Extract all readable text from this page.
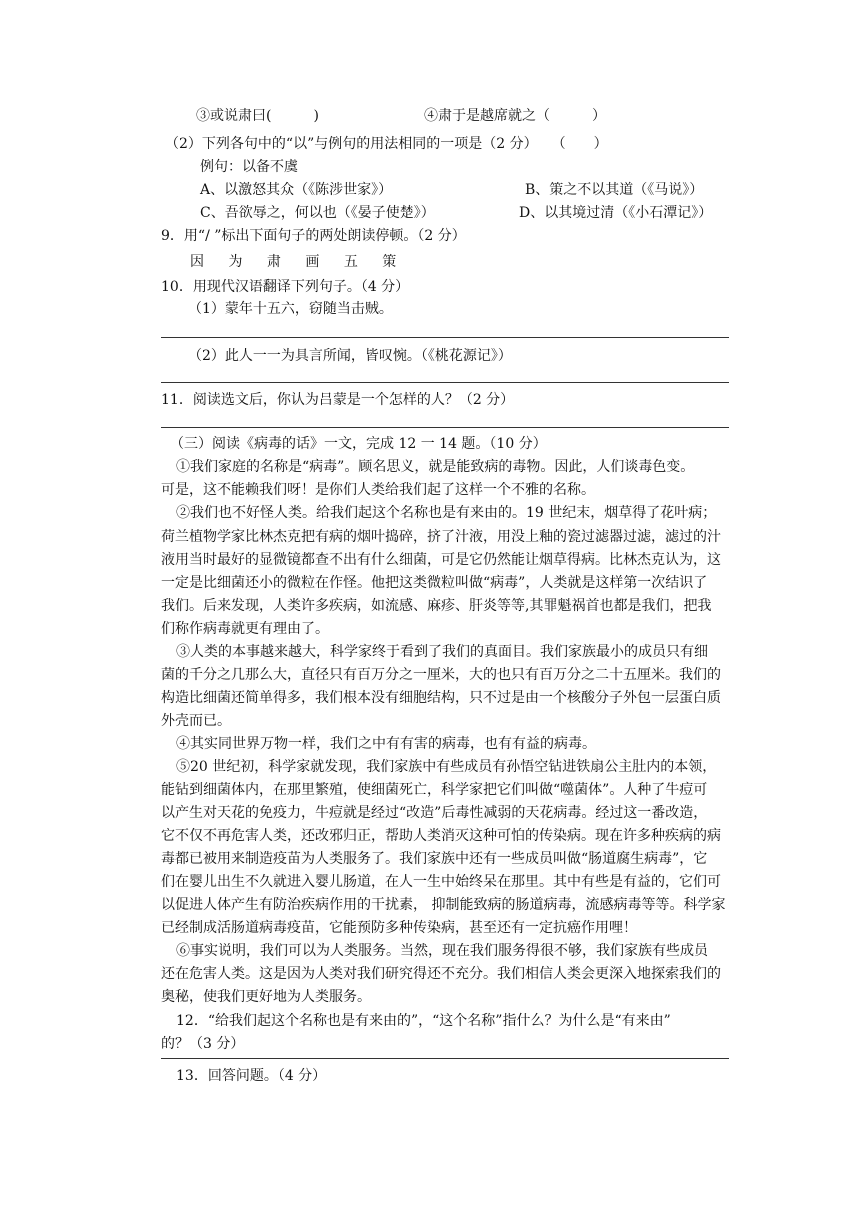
③或说肃曰(　　　)	④肃于是越席就之（　　　）
（2）下列各句中的“以”与例句的用法相同的一项是（2 分）　　（　　）
例句：以备不虞
A、以激怒其众（《陈涉世家》）	B、策之不以其道（《马说》）
C、吾欲辱之，何以也（《晏子使楚》）	D、以其境过清（《小石潭记》）
9．用“/ ”标出下面句子的两处朗读停顿。（2 分）
因 为 肃 画 五 策
10．用现代汉语翻译下列句子。（4 分）
（1）蒙年十五六，窃随当击贼。
（2）此人一一为具言所闻，皆叹惋。（《桃花源记》）
11．阅读选文后，你认为吕蒙是一个怎样的人？（2 分）
（三）阅读《病毒的话》一文，完成 12 一 14 题。（10 分）
①我们家庭的名称是“病毒”。顾名思义，就是能致病的毒物。因此，人们谈毒色变。
可是，这不能赖我们呀！是你们人类给我们起了这样一个不雅的名称。
②我们也不好怪人类。给我们起这个名称也是有来由的。19 世纪末，烟草得了花叶病；
荷兰植物学家比林杰克把有病的烟叶捣碎，挤了汁液，用没上釉的瓷过滤器过滤，滤过的汁
液用当时最好的显微镜都查不出有什么细菌，可是它仍然能让烟草得病。比林杰克认为，这
一定是比细菌还小的微粒在作怪。他把这类微粒叫做“病毒”，人类就是这样第一次结识了
我们。后来发现，人类许多疾病，如流感、麻疹、肝炎等等,其罪魁祸首也都是我们，把我
们称作病毒就更有理由了。
③人类的本事越来越大，科学家终于看到了我们的真面目。我们家族最小的成员只有细
菌的千分之几那么大，直径只有百万分之一厘米，大的也只有百万分之二十五厘米。我们的
构造比细菌还简单得多，我们根本没有细胞结构，只不过是由一个核酸分子外包一层蛋白质
外壳而已。
④其实同世界万物一样，我们之中有有害的病毒，也有有益的病毒。
⑤20 世纪初，科学家就发现，我们家族中有些成员有孙悟空钻进铁扇公主肚内的本领，
能钻到细菌体内，在那里繁殖，使细菌死亡，科学家把它们叫做“噬菌体”。人种了牛痘可
以产生对天花的免疫力，牛痘就是经过“改造”后毒性减弱的天花病毒。经过这一番改造，
它不仅不再危害人类，还改邪归正，帮助人类消灭这种可怕的传染病。现在许多种疾病的病
毒都已被用来制造疫苗为人类服务了。我们家族中还有一些成员叫做“肠道腐生病毒”，它
们在婴儿出生不久就进入婴儿肠道，在人一生中始终呆在那里。其中有些是有益的，它们可
以促进人体产生有防治疾病作用的干扰素， 抑制能致病的肠道病毒，流感病毒等等。科学家
已经制成活肠道病毒疫苗，它能预防多种传染病，甚至还有一定抗癌作用哩！
⑥事实说明，我们可以为人类服务。当然，现在我们服务得很不够，我们家族有些成员
还在危害人类。这是因为人类对我们研究得还不充分。我们相信人类会更深入地探索我们的
奥秘，使我们更好地为人类服务。
12．“给我们起这个名称也是有来由的”，“这个名称”指什么？为什么是“有来由”
的？（3 分）
13．回答问题。（4 分）
